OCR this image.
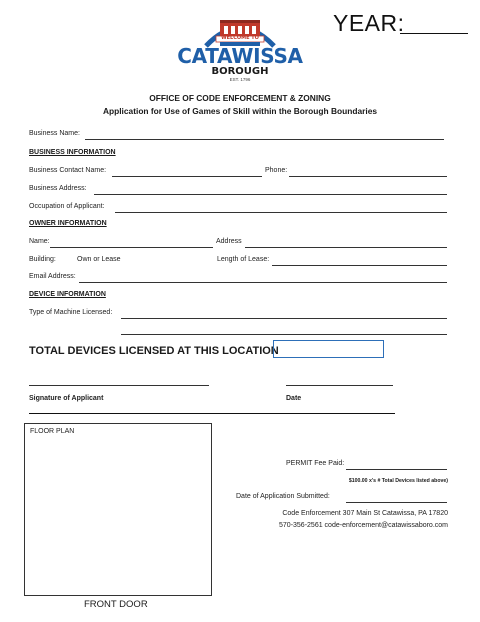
YEAR:
WELCOME TO
CATAWISSA
BOROUGH
EST. 1796
OFFICE OF CODE ENFORCEMENT & ZONING
Application for Use of Games of Skill within the Borough Boundaries
Business Name:
BUSINESS INFORMATION
Business Contact Name:	Phone:
Business Address:
Occupation of Applicant:
OWNER INFORMATION
Name:	Address
Building:	Own or Lease	Length of Lease:
Email Address:
DEVICE INFORMATION
Type of Machine Licensed:
TOTAL DEVICES LICENSED AT THIS LOCATION
Signature of Applicant	Date
FLOOR PLAN
FRONT DOOR
PERMIT Fee Paid:
$100.00 x's # Total Devices listed above)
Date of Application Submitted:
Code Enforcement 307 Main St Catawissa, PA 17820
570-356-2561 code-enforcement@catawissaboro.com
